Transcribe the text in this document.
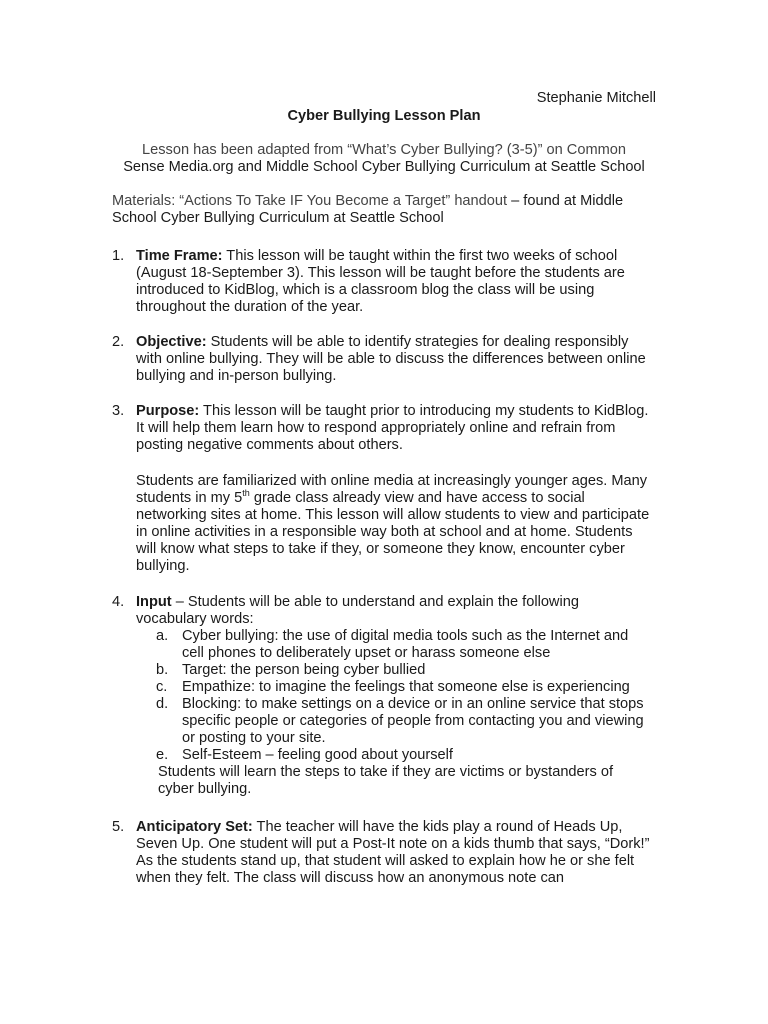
Stephanie Mitchell
Cyber Bullying Lesson Plan
Lesson has been adapted from “What’s Cyber Bullying? (3-5)” on Common
Sense Media.org and Middle School Cyber Bullying Curriculum at Seattle School
Materials: “Actions To Take IF You Become a Target” handout – found at Middle School Cyber Bullying Curriculum at Seattle School
1. Time Frame: This lesson will be taught within the first two weeks of school (August 18-September 3). This lesson will be taught before the students are introduced to KidBlog, which is a classroom blog the class will be using throughout the duration of the year.
2. Objective: Students will be able to identify strategies for dealing responsibly with online bullying. They will be able to discuss the differences between online bullying and in-person bullying.
3. Purpose: This lesson will be taught prior to introducing my students to KidBlog. It will help them learn how to respond appropriately online and refrain from posting negative comments about others.
Students are familiarized with online media at increasingly younger ages. Many students in my 5th grade class already view and have access to social networking sites at home. This lesson will allow students to view and participate in online activities in a responsible way both at school and at home. Students will know what steps to take if they, or someone they know, encounter cyber bullying.
4. Input – Students will be able to understand and explain the following vocabulary words:
a. Cyber bullying: the use of digital media tools such as the Internet and cell phones to deliberately upset or harass someone else
b. Target: the person being cyber bullied
c. Empathize: to imagine the feelings that someone else is experiencing
d. Blocking: to make settings on a device or in an online service that stops specific people or categories of people from contacting you and viewing or posting to your site.
e. Self-Esteem – feeling good about yourself
Students will learn the steps to take if they are victims or bystanders of cyber bullying.
5. Anticipatory Set: The teacher will have the kids play a round of Heads Up, Seven Up. One student will put a Post-It note on a kids thumb that says, “Dork!” As the students stand up, that student will asked to explain how he or she felt when they felt. The class will discuss how an anonymous note can
